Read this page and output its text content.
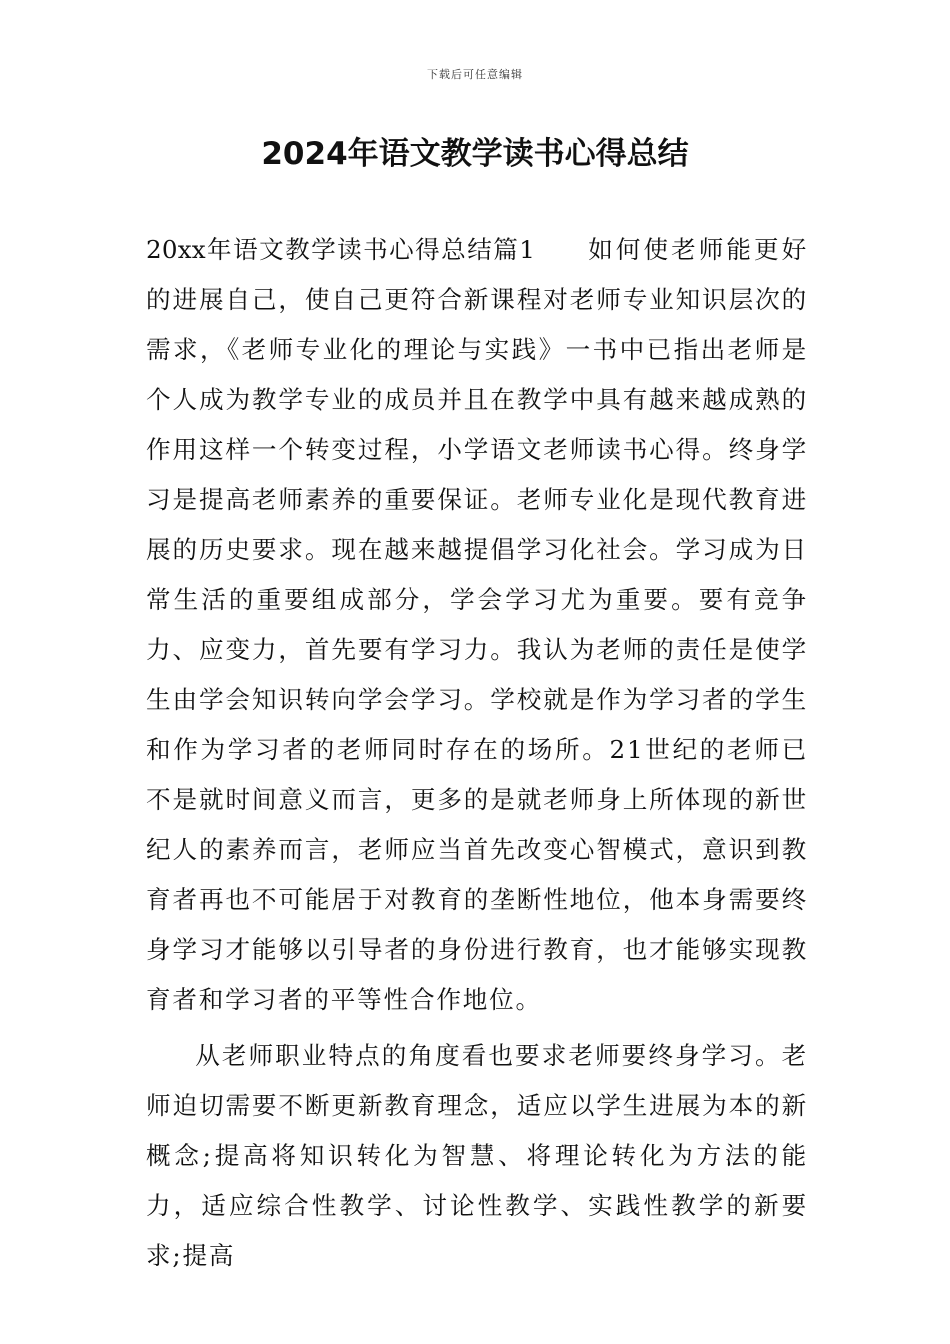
下载后可任意编辑
2024年语文教学读书心得总结

20xx年语文教学读书心得总结篇1 如何使老师能更好的进展自己，使自己更符合新课程对老师专业知识层次的需求，《老师专业化的理论与实践》一书中已指出老师是个人成为教学专业的成员并且在教学中具有越来越成熟的作用这样一个转变过程，小学语文老师读书心得。终身学习是提高老师素养的重要保证。老师专业化是现代教育进展的历史要求。现在越来越提倡学习化社会。学习成为日常生活的重要组成部分，学会学习尤为重要。要有竞争力、应变力，首先要有学习力。我认为老师的责任是使学生由学会知识转向学会学习。学校就是作为学习者的学生和作为学习者的老师同时存在的场所。21世纪的老师已不是就时间意义而言，更多的是就老师身上所体现的新世纪人的素养而言，老师应当首先改变心智模式，意识到教育者再也不可能居于对教育的垄断性地位，他本身需要终身学习才能够以引导者的身份进行教育，也才能够实现教育者和学习者的平等性合作地位。

从老师职业特点的角度看也要求老师要终身学习。老师迫切需要不断更新教育理念，适应以学生进展为本的新概念;提高将知识转化为智慧、将理论转化为方法的能力，适应综合性教学、讨论性教学、实践性教学的新要求;提高
